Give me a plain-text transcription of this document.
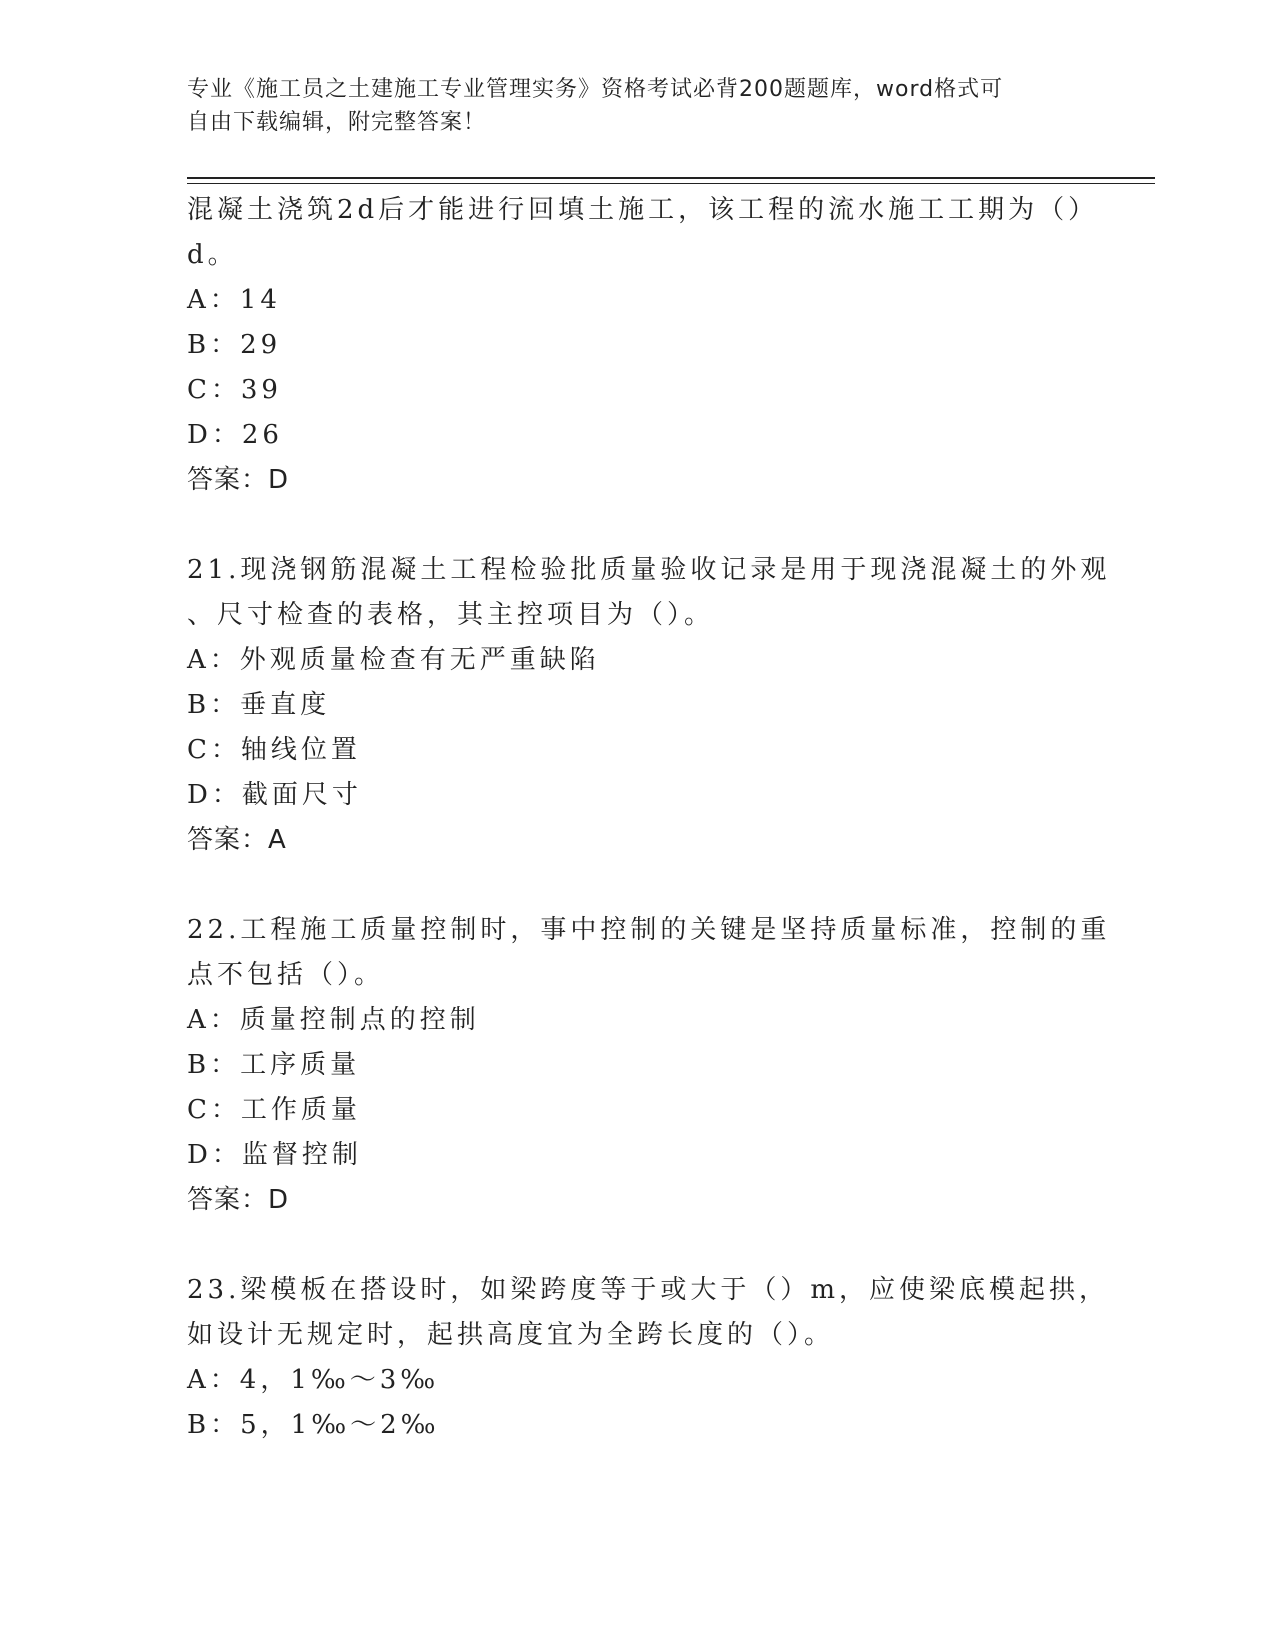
专业《施工员之土建施工专业管理实务》资格考试必背200题题库，word格式可
自由下载编辑，附完整答案！
混凝土浇筑2d后才能进行回填土施工，该工程的流水施工工期为（）
d。
A：14
B：29
C：39
D：26
答案：D
21.现浇钢筋混凝土工程检验批质量验收记录是用于现浇混凝土的外观
、尺寸检查的表格，其主控项目为（）。
A：外观质量检查有无严重缺陷
B：垂直度
C：轴线位置
D：截面尺寸
答案：A
22.工程施工质量控制时，事中控制的关键是坚持质量标准，控制的重
点不包括（）。
A：质量控制点的控制
B：工序质量
C：工作质量
D：监督控制
答案：D
23.梁模板在搭设时，如梁跨度等于或大于（）m，应使梁底模起拱，
如设计无规定时，起拱高度宜为全跨长度的（）。
A：4，1‰～3‰
B：5，1‰～2‰
